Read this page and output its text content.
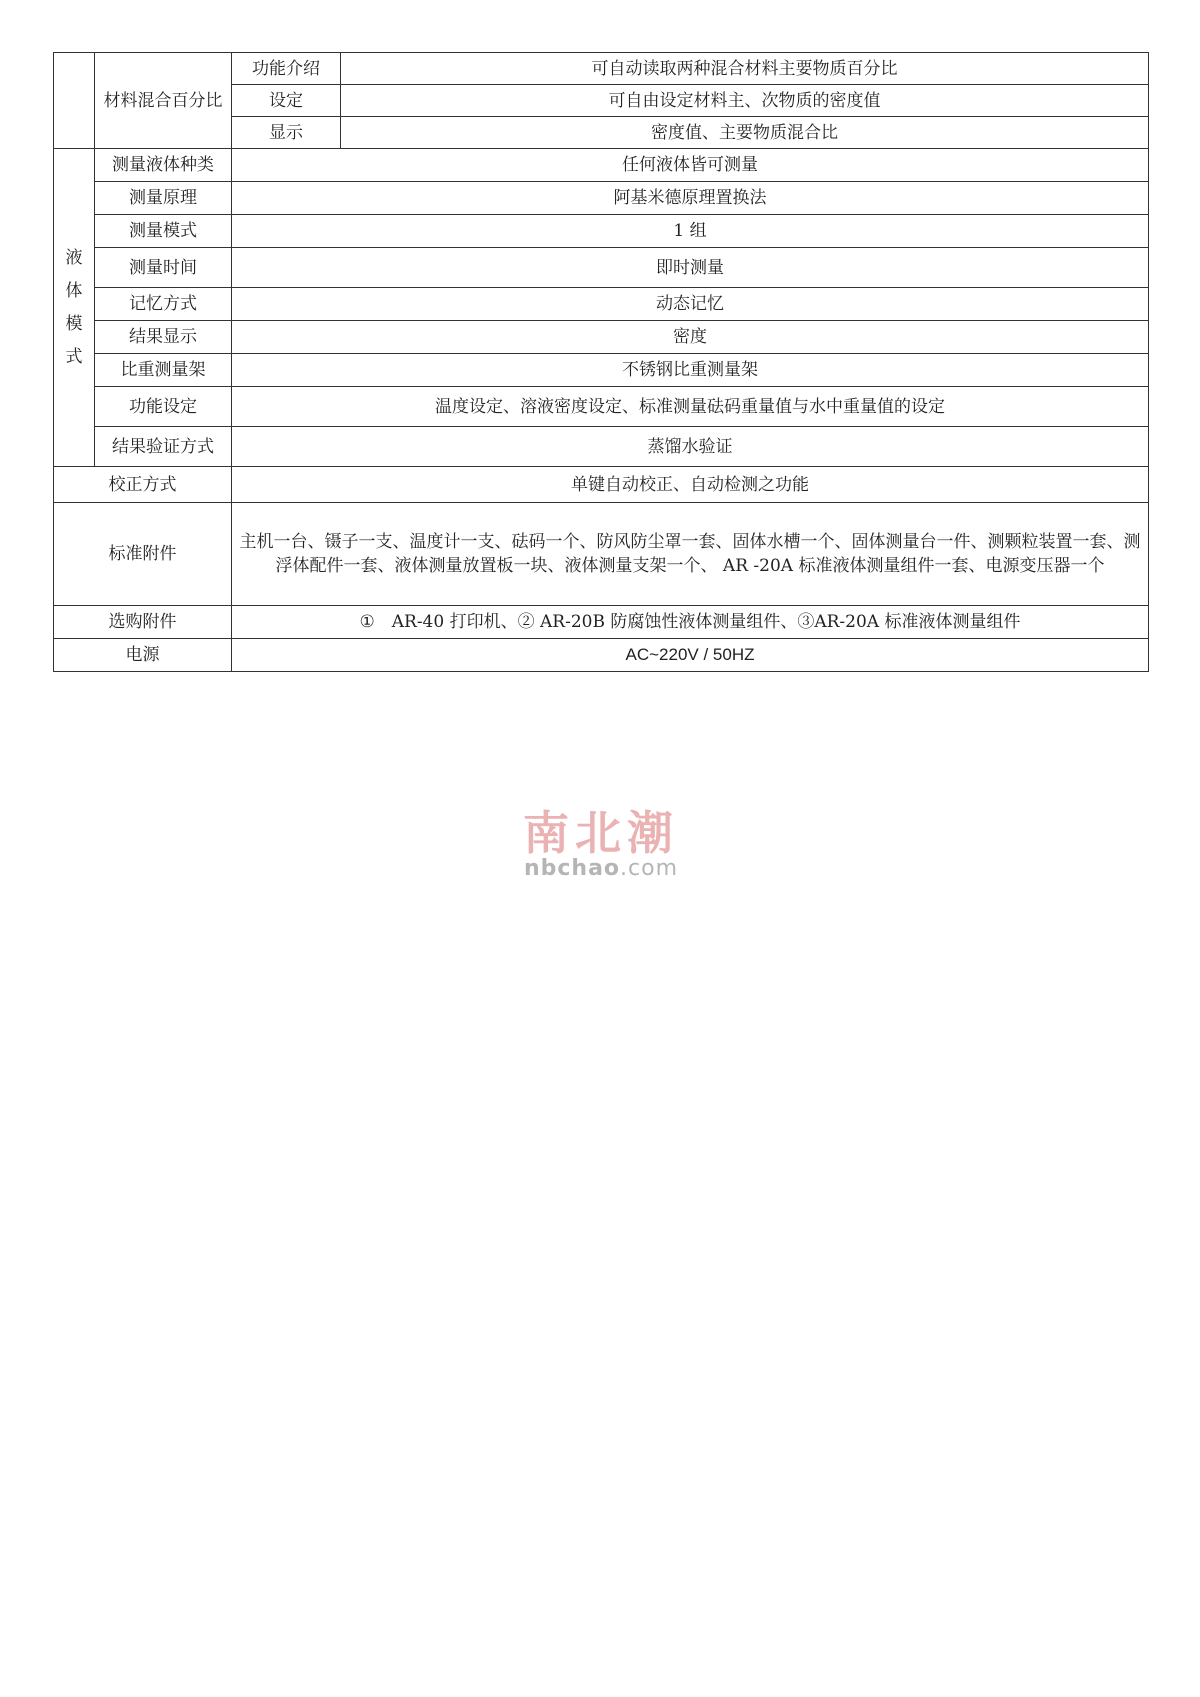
	材料混合百分比	功能介绍	可自动读取两种混合材料主要物质百分比
		设定	可自由设定材料主、次物质的密度值
		显示	密度值、主要物质混合比

液体模式	测量液体种类	任何液体皆可测量	
	测量原理	阿基米德原理置换法	
	测量模式	1 组	
	测量时间	即时测量	
	记忆方式	动态记忆	
	结果显示	密度	
	比重测量架	不锈钢比重测量架	
	功能设定	温度设定、溶液密度设定、标准测量砝码重量值与水中重量值的设定	
	结果验证方式	蒸馏水验证	
校正方式		单键自动校正、自动检测之功能	
标准附件		主机一台、镊子一支、温度计一支、砝码一个、防风防尘罩一套、固体水槽一个、固体测量台一件、测颗粒装置一套、测浮体配件一套、液体测量放置板一块、液体测量支架一个、 AR -20A 标准液体测量组件一套、电源变压器一个	
选购附件		①　AR-40 打印机、② AR-20B 防腐蚀性液体测量组件、③AR-20A 标准液体测量组件	
电源		AC~220V / 50HZ	
南北潮
nbchao.com
